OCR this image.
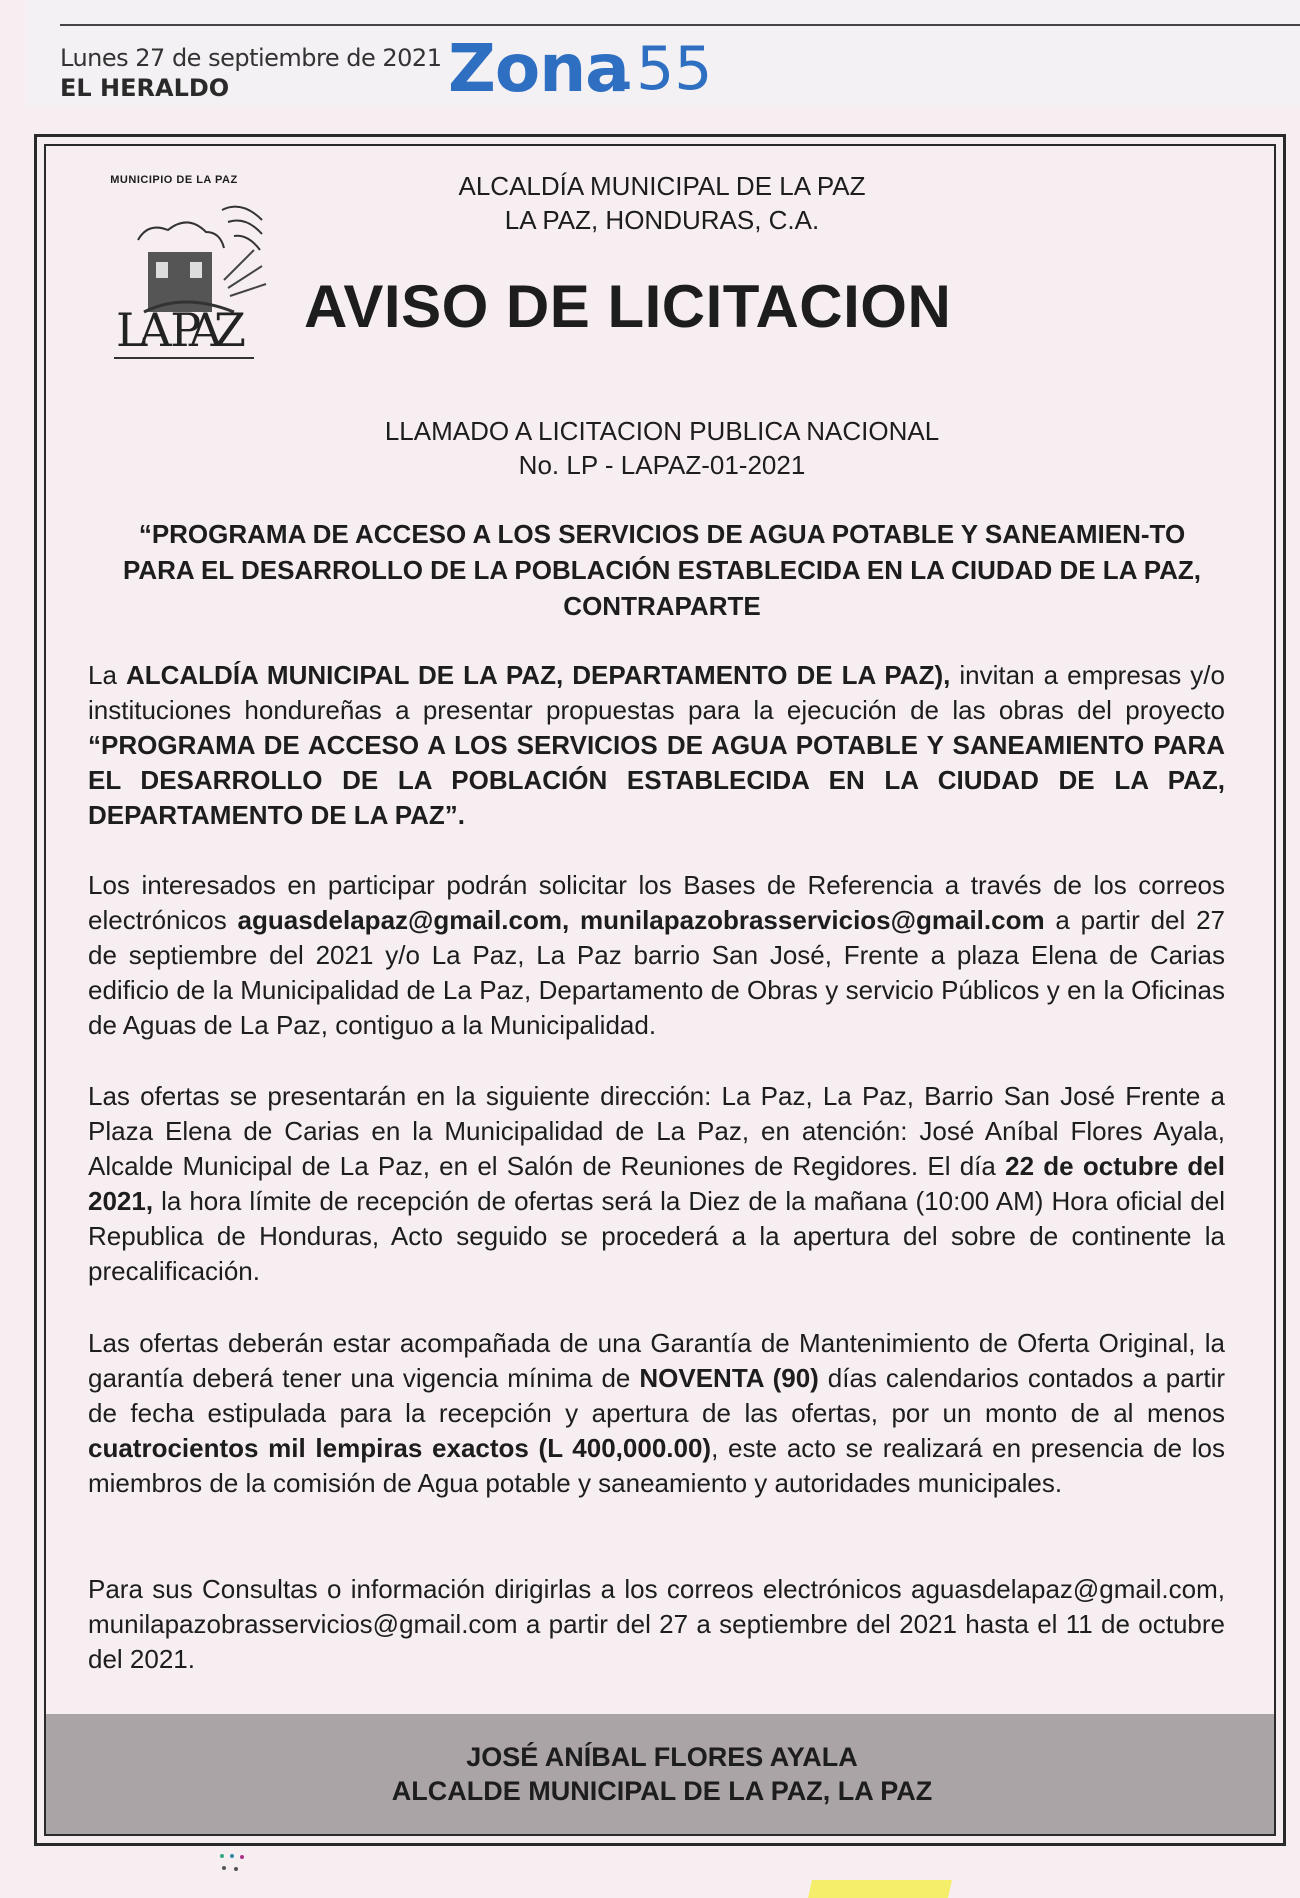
Lunes 27 de septiembre de 2021
EL HERALDO	Zona
.55
LA PAZ
MUNICIPIO DE LA PAZ	ALCALDÍA MUNICIPAL DE LA PAZ
LA PAZ, HONDURAS, C.A.
AVISO DE LICITACION
LLAMADO A LICITACION PUBLICA NACIONAL
No. LP - LAPAZ-01-2021
“PROGRAMA DE ACCESO A LOS SERVICIOS DE AGUA POTABLE Y SANEAMIEN-TO PARA EL DESARROLLO DE LA POBLACIÓN ESTABLECIDA EN LA CIUDAD DE LA PAZ, CONTRAPARTE
La ALCALDÍA MUNICIPAL DE LA PAZ, DEPARTAMENTO DE LA PAZ), invitan a empresas y/o instituciones hondureñas a presentar propuestas para la ejecución de las obras del proyecto “PROGRAMA DE ACCESO A LOS SERVICIOS DE AGUA POTABLE Y SANEAMIENTO PARA EL DESARROLLO DE LA POBLACIÓN ESTABLECIDA EN LA CIUDAD DE LA PAZ, DEPARTAMENTO DE LA PAZ”.
Los interesados en participar podrán solicitar los Bases de Referencia a través de los correos electrónicos aguasdelapaz@gmail.com, munilapazobrasservicios@gmail.com a partir del 27 de septiembre del 2021 y/o La Paz, La Paz barrio San José, Frente a plaza Elena de Carias edificio de la Municipalidad de La Paz, Departamento de Obras y servicio Públicos y en la Oficinas de Aguas de La Paz, contiguo a la Municipalidad.
Las ofertas se presentarán en la siguiente dirección: La Paz, La Paz, Barrio San José Frente a Plaza Elena de Carias en la Municipalidad de La Paz, en atención: José Aníbal Flores Ayala, Alcalde Municipal de La Paz, en el Salón de Reuniones de Regidores. El día 22 de octubre del 2021, la hora límite de recepción de ofertas será la Diez de la mañana (10:00 AM) Hora oficial del Republica de Honduras, Acto seguido se procederá a la apertura del sobre de continente la precalificación.
Las ofertas deberán estar acompañada de una Garantía de Mantenimiento de Oferta Original, la garantía deberá tener una vigencia mínima de NOVENTA (90) días calendarios contados a partir de fecha estipulada para la recepción y apertura de las ofertas, por un monto de al menos cuatrocientos mil lempiras exactos (L 400,000.00), este acto se realizará en presencia de los miembros de la comisión de Agua potable y saneamiento y autoridades municipales.
Para sus Consultas o información dirigirlas a los correos electrónicos aguasdelapaz@gmail.com, munilapazobrasservicios@gmail.com a partir del 27 a septiembre del 2021 hasta el 11 de octubre del 2021.
JOSÉ ANÍBAL FLORES AYALA
ALCALDE MUNICIPAL DE LA PAZ, LA PAZ
